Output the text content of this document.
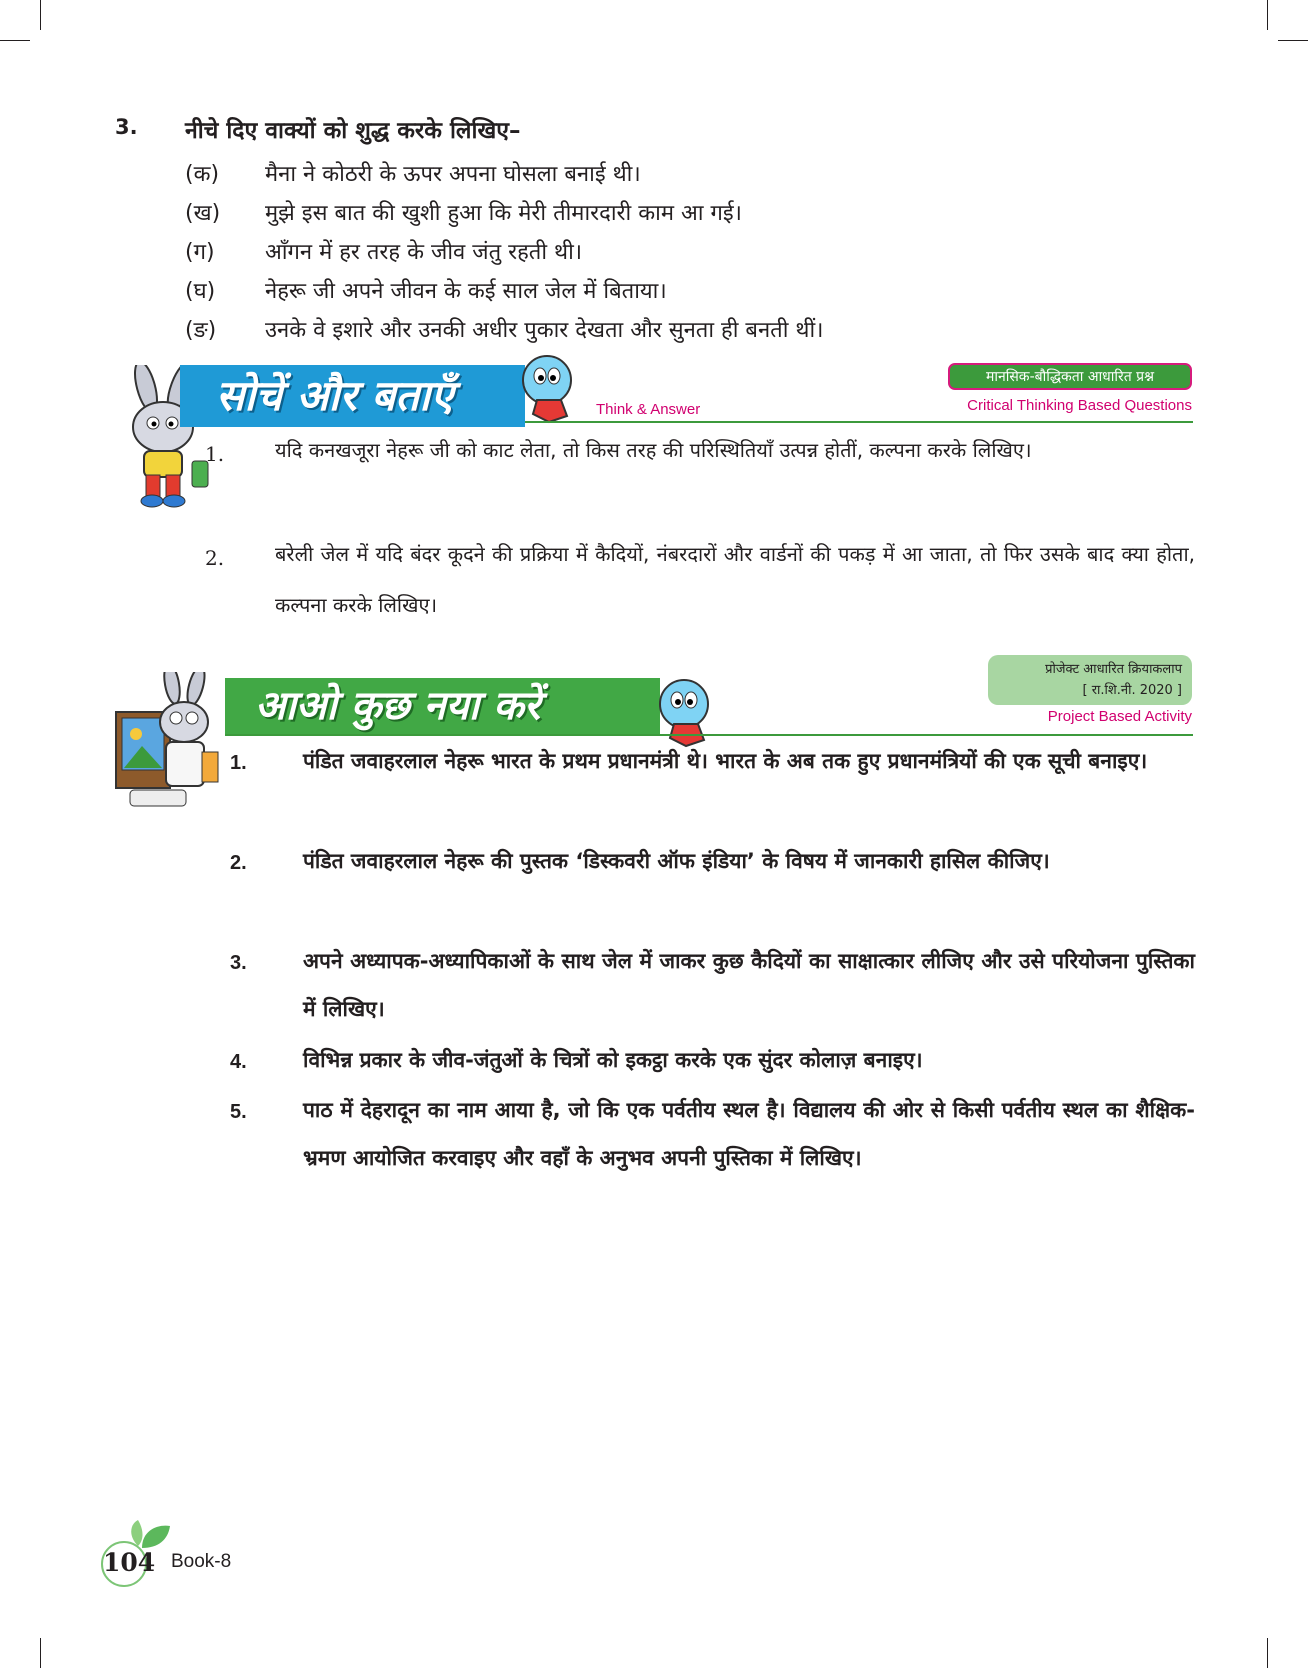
3. नीचे दिए वाक्यों को शुद्ध करके लिखिए–
(क) मैना ने कोठरी के ऊपर अपना घोसला बनाई थी।
(ख) मुझे इस बात की खुशी हुआ कि मेरी तीमारदारी काम आ गई।
(ग) आँगन में हर तरह के जीव जंतु रहती थी।
(घ) नेहरू जी अपने जीवन के कई साल जेल में बिताया।
(ङ) उनके वे इशारे और उनकी अधीर पुकार देखता और सुनता ही बनती थीं।
सोचें और बताएँ	Think & Answer
मानसिक-बौद्धिकता आधारित प्रश्न
Critical Thinking Based Questions
1.	यदि कनखजूरा नेहरू जी को काट लेता, तो किस तरह की परिस्थितियाँ उत्पन्न होतीं, कल्पना करके लिखिए।
2.	बरेली जेल में यदि बंदर कूदने की प्रक्रिया में कैदियों, नंबरदारों और वार्डनों की पकड़ में आ जाता, तो फिर उसके बाद क्या होता, कल्पना करके लिखिए।
आओ कुछ नया करें
प्रोजेक्ट आधारित क्रियाकलाप
[ रा.शि.नी. 2020 ]
Project Based Activity
1.	पंडित जवाहरलाल नेहरू भारत के प्रथम प्रधानमंत्री थे। भारत के अब तक हुए प्रधानमंत्रियों की एक सूची बनाइए।
2.	पंडित जवाहरलाल नेहरू की पुस्तक ‘डिस्कवरी ऑफ इंडिया’ के विषय में जानकारी हासिल कीजिए।
3.	अपने अध्यापक-अध्यापिकाओं के साथ जेल में जाकर कुछ कैदियों का साक्षात्कार लीजिए और उसे परियोजना पुस्तिका में लिखिए।
4.	विभिन्न प्रकार के जीव-जंतुओं के चित्रों को इकट्ठा करके एक सुंदर कोलाज़ बनाइए।
5.	पाठ में देहरादून का नाम आया है, जो कि एक पर्वतीय स्थल है। विद्यालय की ओर से किसी पर्वतीय स्थल का शैक्षिक-भ्रमण आयोजित करवाइए और वहाँ के अनुभव अपनी पुस्तिका में लिखिए।
104 Book-8
